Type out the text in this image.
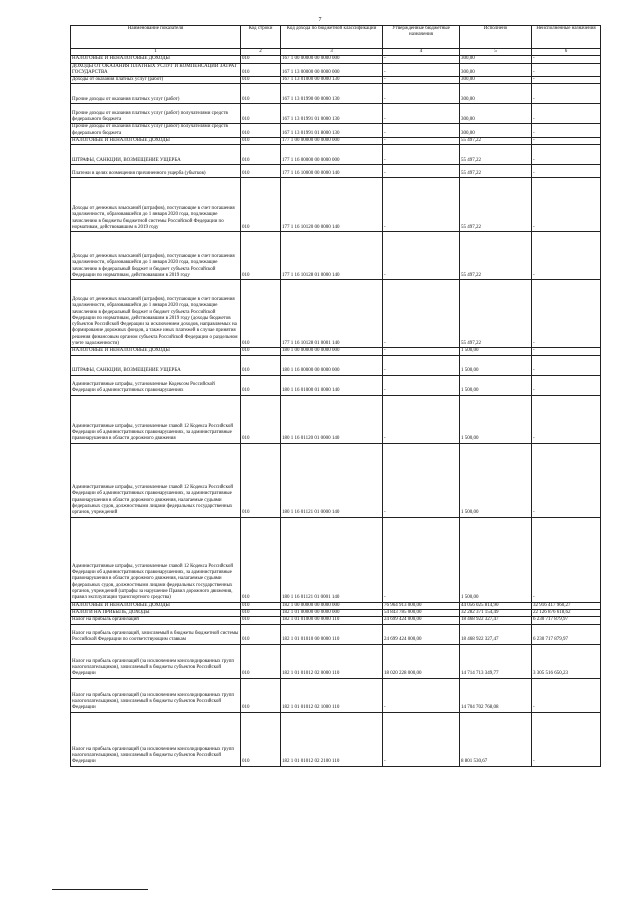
7
Наименование показателя	Код строки	Код дохода по бюджетной классификации	Утвержденные бюджетные назначения	Исполнено	Неисполненные назначения
1	2	3	4	5	6
НАЛОГОВЫЕ И НЕНАЛОГОВЫЕ ДОХОДЫ	010	167 1 00 00000 00 0000 000	-	300,00	-
ДОХОДЫ ОТ ОКАЗАНИЯ ПЛАТНЫХ УСЛУГ И КОМПЕНСАЦИИ ЗАТРАТ ГОСУДАРСТВА	010	167 1 13 00000 00 0000 000	-	300,00	-
Доходы от оказания платных услуг (работ)	010	167 1 13 01000 00 0000 130	-	300,00	-
Прочие доходы от оказания платных услуг (работ)	010	167 1 13 01990 00 0000 130	-	300,00	-
Прочие доходы от оказания платных услуг (работ) получателями средств федерального бюджета	010	167 1 13 01991 01 0000 130	-	300,00	-
Прочие доходы от оказания платных услуг (работ) получателями средств федерального бюджета	010	167 1 13 01991 01 8000 130	-	300,00	-
НАЛОГОВЫЕ И НЕНАЛОГОВЫЕ ДОХОДЫ	010	177 1 00 00000 00 0000 000	-	55 497,22	-
ШТРАФЫ, САНКЦИИ, ВОЗМЕЩЕНИЕ УЩЕРБА	010	177 1 16 00000 00 0000 000	-	55 497,22	-
Платежи в целях возмещения причиненного ущерба (убытков)	010	177 1 16 10000 00 0000 140	-	55 497,22	-
Доходы от денежных взысканий (штрафов), поступающие в счет погашения задолженности, образовавшейся до 1 января 2020 года, подлежащие зачислению в бюджеты бюджетной системы Российской Федерации по нормативам, действовавшим в 2019 году	010	177 1 16 10120 00 0000 140	-	55 497,22	-
Доходы от денежных взысканий (штрафов), поступающие в счет погашения задолженности, образовавшейся до 1 января 2020 года, подлежащие зачислению в федеральный бюджет и бюджет субъекта Российской Федерации по нормативам, действовавшим в 2019 году	010	177 1 16 10128 01 0000 140	-	55 497,22	-
Доходы от денежных взысканий (штрафов), поступающие в счет погашения задолженности, образовавшейся до 1 января 2020 года, подлежащие зачислению в федеральный бюджет и бюджет субъекта Российской Федерации по нормативам, действовавшим в 2019 году (доходы бюджетов субъектов Российской Федерации за исключением доходов, направляемых на формирование дорожных фондов, а также иных платежей в случае принятия решения финансовым органом субъекта Российской Федерации о раздельном учете задолженности)	010	177 1 16 10128 01 0001 140	-	55 497,22	-
НАЛОГОВЫЕ И НЕНАЛОГОВЫЕ ДОХОДЫ	010	180 1 00 00000 00 0000 000	-	1 500,00	-
ШТРАФЫ, САНКЦИИ, ВОЗМЕЩЕНИЕ УЩЕРБА	010	180 1 16 00000 00 0000 000	-	1 500,00	-
Административные штрафы, установленные Кодексом Российской Федерации об административных правонарушениях	010	180 1 16 01000 01 0000 140	-	1 500,00	-
Административные штрафы, установленные главой 12 Кодекса Российской Федерации об административных правонарушениях, за административные правонарушения в области дорожного движения	010	180 1 16 01120 01 0000 140	-	1 500,00	-
Административные штрафы, установленные главой 12 Кодекса Российской Федерации об административных правонарушениях, за административные правонарушения в области дорожного движения, налагаемые судьями федеральных судов, должностными лицами федеральных государственных органов, учреждений	010	180 1 16 01121 01 0000 140	-	1 500,00	-
Административные штрафы, установленные главой 12 Кодекса Российской Федерации об административных правонарушениях, за административные правонарушения в области дорожного движения, налагаемые судьями федеральных судов, должностными лицами федеральных государственных органов, учреждений (штрафы за нарушение Правил дорожного движения, правил эксплуатации транспортного средства)	010	180 1 16 01121 01 0001 140	-	1 500,00	-
НАЛОГОВЫЕ И НЕНАЛОГОВЫЕ ДОХОДЫ	010	182 1 00 00000 00 0000 000	76 964 913 000,00	44 056 025 814,90	32 916 417 960,27
НАЛОГИ НА ПРИБЫЛЬ, ДОХОДЫ	010	182 1 01 00000 00 0000 000	54 843 785 000,00	32 282 371 154,49	22 126 876 618,62
Налог на прибыль организаций	010	182 1 01 01000 00 0000 110	24 699 424 000,00	18 468 922 327,47	6 230 717 879,97
Налог на прибыль организаций, зачисляемый в бюджеты бюджетной системы Российской Федерации по соответствующим ставкам	010	182 1 01 01010 00 0000 110	24 699 424 000,00	18 468 922 327,47	6 230 717 879,97
Налог на прибыль организаций (за исключением консолидированных групп налогоплательщиков), зачисляемый в бюджеты субъектов Российской Федерации	010	182 1 01 01012 02 0000 110	18 020 228 000,00	14 714 713 349,77	3 305 516 650,23
Налог на прибыль организаций (за исключением консолидированных групп налогоплательщиков), зачисляемый в бюджеты субъектов Российской Федерации	010	182 1 01 01012 02 1000 110	-	14 704 702 768,08	-
Налог на прибыль организаций (за исключением консолидированных групп налогоплательщиков), зачисляемый в бюджеты субъектов Российской Федерации	010	182 1 01 01012 02 2100 110	-	8 801 530,67	-
